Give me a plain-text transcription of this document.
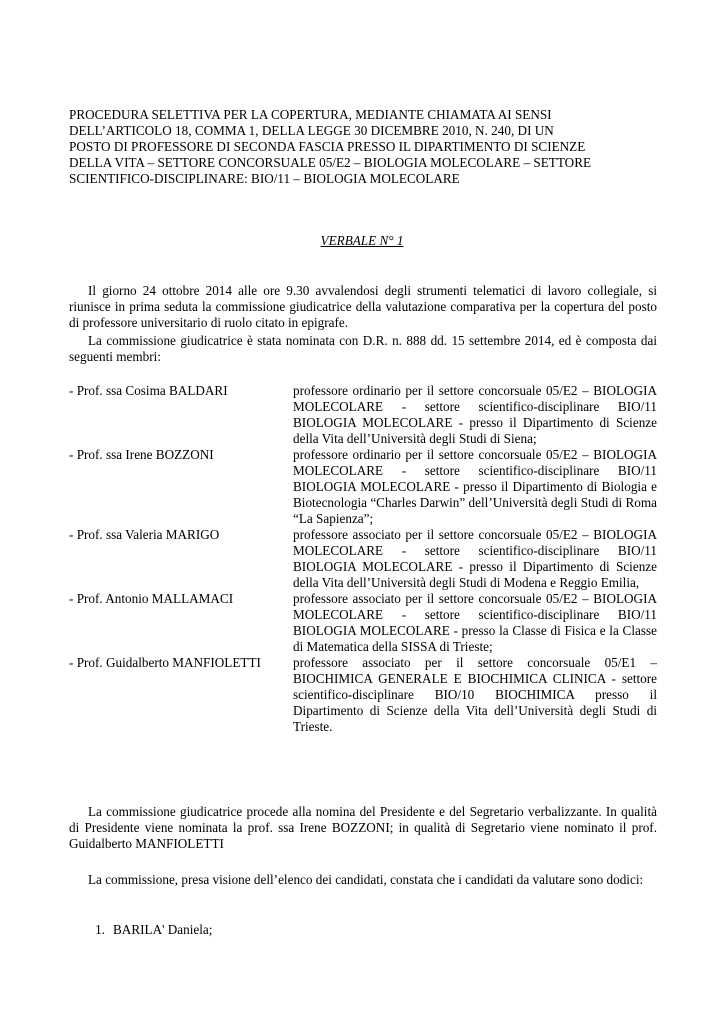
PROCEDURA SELETTIVA PER LA COPERTURA, MEDIANTE CHIAMATA AI SENSI
DELL’ARTICOLO 18, COMMA 1, DELLA LEGGE 30 DICEMBRE 2010, N. 240, DI UN
POSTO DI PROFESSORE DI SECONDA FASCIA PRESSO IL DIPARTIMENTO DI SCIENZE
DELLA VITA – SETTORE CONCORSUALE 05/E2 – BIOLOGIA MOLECOLARE – SETTORE
SCIENTIFICO-DISCIPLINARE: BIO/11 – BIOLOGIA MOLECOLARE
VERBALE N° 1
Il giorno 24 ottobre 2014 alle ore 9.30 avvalendosi degli strumenti telematici di lavoro collegiale, si riunisce in prima seduta la commissione giudicatrice della valutazione comparativa per la copertura del posto di professore universitario di ruolo citato in epigrafe.
La commissione giudicatrice è stata nominata con D.R. n. 888 dd. 15 settembre 2014, ed è composta dai seguenti membri:
- Prof. ssa Cosima BALDARI	professore ordinario per il settore concorsuale 05/E2 – BIOLOGIA MOLECOLARE - settore scientifico-disciplinare BIO/11 BIOLOGIA MOLECOLARE - presso il Dipartimento di Scienze della Vita dell’Università degli Studi di Siena;
- Prof. ssa Irene BOZZONI	professore ordinario per il settore concorsuale 05/E2 – BIOLOGIA MOLECOLARE - settore scientifico-disciplinare BIO/11 BIOLOGIA MOLECOLARE - presso il Dipartimento di Biologia e Biotecnologia “Charles Darwin” dell’Università degli Studi di Roma “La Sapienza”;
- Prof. ssa Valeria MARIGO	professore associato per il settore concorsuale 05/E2 – BIOLOGIA MOLECOLARE - settore scientifico-disciplinare BIO/11 BIOLOGIA MOLECOLARE - presso il Dipartimento di Scienze della Vita dell’Università degli Studi di Modena e Reggio Emilia,
- Prof. Antonio MALLAMACI	professore associato per il settore concorsuale 05/E2 – BIOLOGIA MOLECOLARE - settore scientifico-disciplinare BIO/11 BIOLOGIA MOLECOLARE - presso la Classe di Fisica e la Classe di Matematica della SISSA di Trieste;
- Prof. Guidalberto MANFIOLETTI	professore associato per il settore concorsuale 05/E1 – BIOCHIMICA GENERALE E BIOCHIMICA CLINICA - settore scientifico-disciplinare BIO/10 BIOCHIMICA presso il Dipartimento di Scienze della Vita dell’Università degli Studi di Trieste.
La commissione giudicatrice procede alla nomina del Presidente e del Segretario verbalizzante. In qualità di Presidente viene nominata la prof. ssa Irene BOZZONI; in qualità di Segretario viene nominato il prof. Guidalberto MANFIOLETTI
La commissione, presa visione dell’elenco dei candidati, constata che i candidati da valutare sono dodici:
1. BARILA' Daniela;
